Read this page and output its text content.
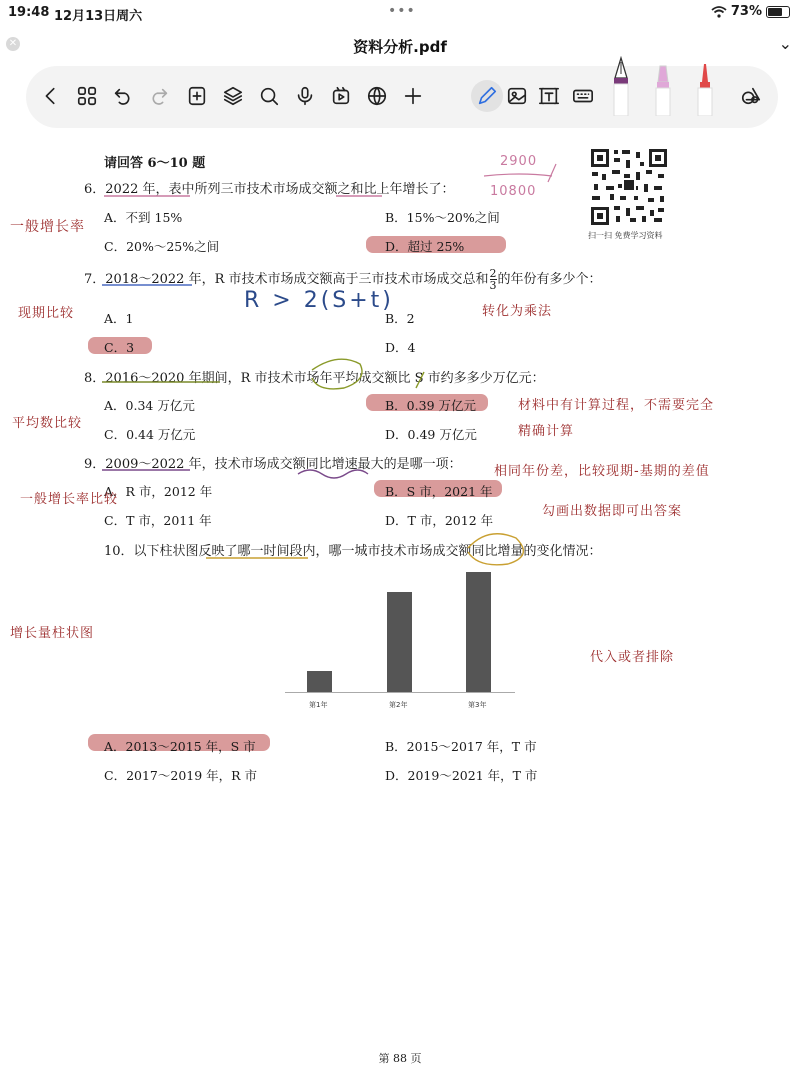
19:48 12月13日周六	•••	73%
✕	资料分析.pdf	⌄
请回答 6～10 题
扫一扫 免费学习资料
6．2022 年，表中所列三市技术市场成交额之和比上年增长了：
A．不到 15%	B．15%～20%之间
C．20%～25%之间	D．超过 25%
7．2018～2022 年，R 市技术市场成交额高于三市技术市场成交总和 $\frac{2}{3}$ 的年份有多少个：
A．1	B．2
C．3	D．4
8．2016～2020 年期间，R 市技术市场年平均成交额比 S 市约多多少万亿元：
A．0.34 万亿元	B．0.39 万亿元
C．0.44 万亿元	D．0.49 万亿元
9．2009～2022 年，技术市场成交额同比增速最大的是哪一项：
A．R 市，2012 年	B．S 市，2021 年
C．T 市，2011 年	D．T 市，2012 年
10．以下柱状图反映了哪一时间段内，哪一城市技术市场成交额同比增量的变化情况：
第1年	第2年	第3年
A．2013～2015 年，S 市	B．2015～2017 年，T 市
C．2017～2019 年，R 市	D．2019～2021 年，T 市
第 88 页
2900
10800
一般增长率
现期比较
R > 2(S+t)	转化为乘法
平均数比较
材料中有计算过程，不需要完全
精确计算
一般增长率比较
相同年份差，比较现期-基期的差值
勾画出数据即可出答案
增长量柱状图
代入或者排除
